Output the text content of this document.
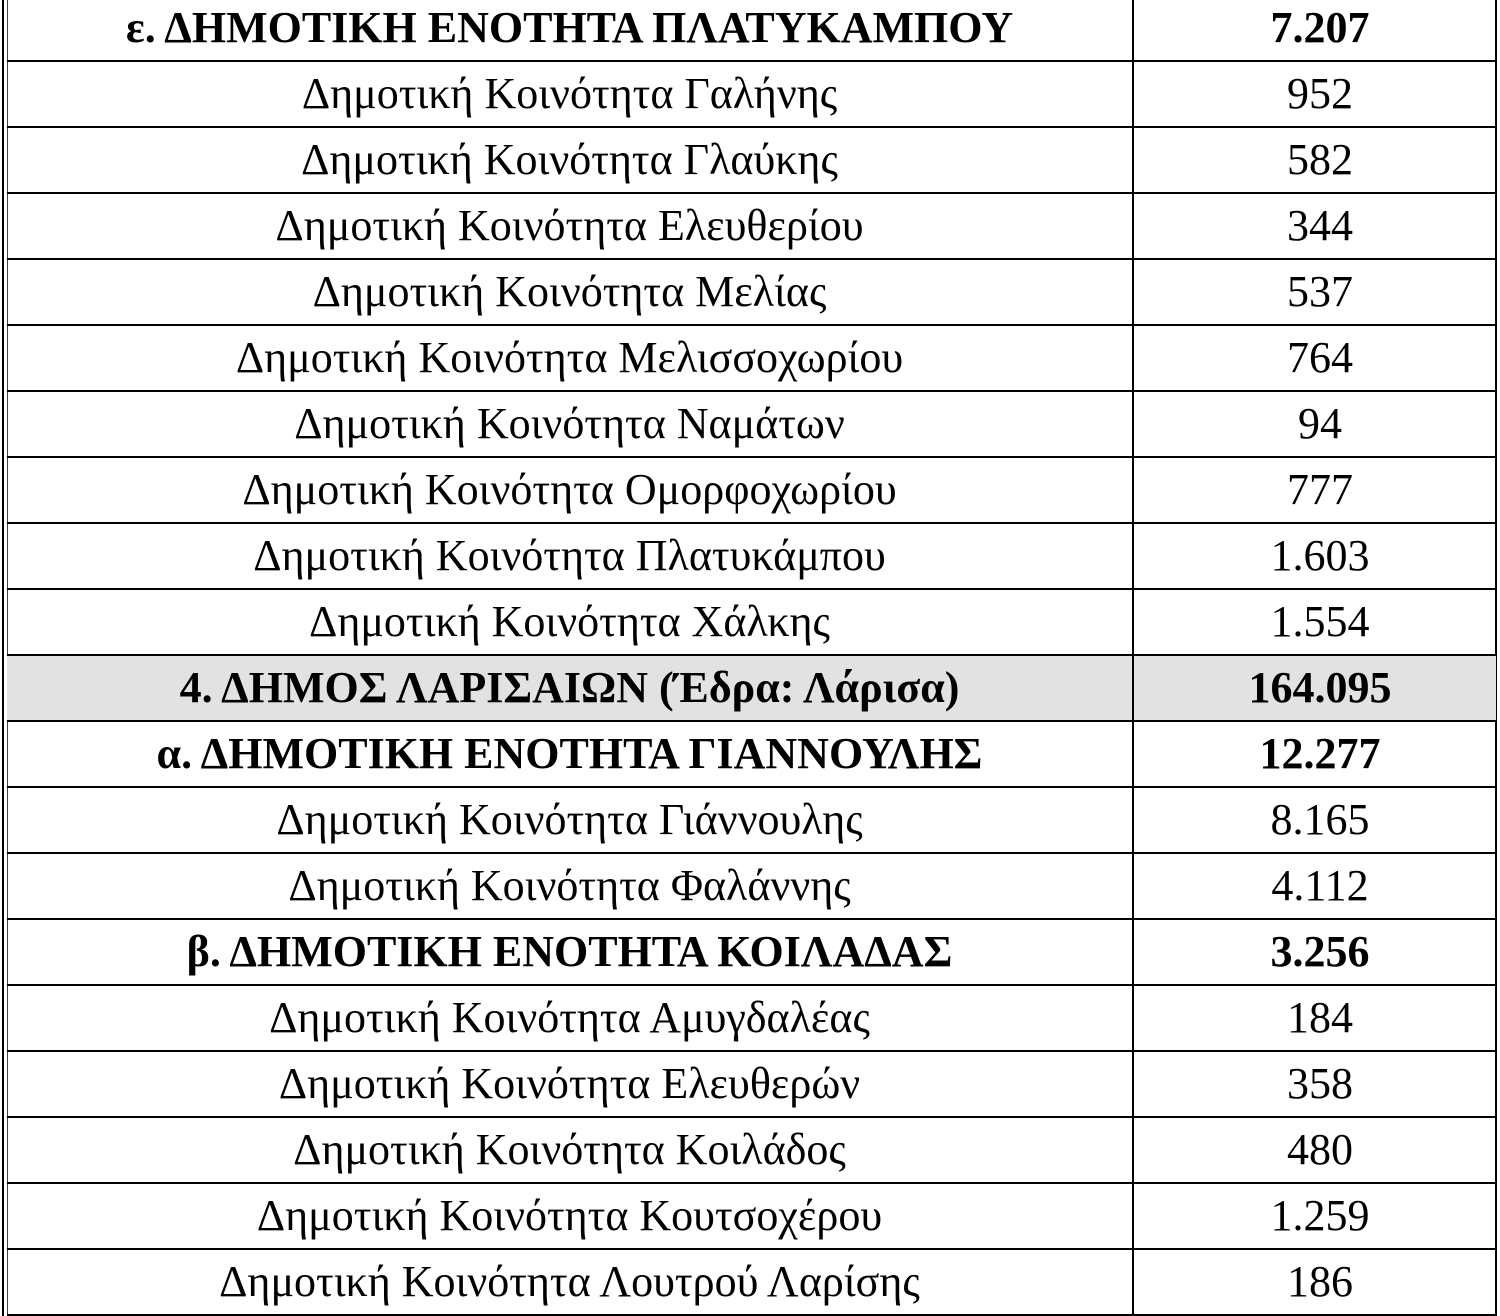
ε. ΔΗΜΟΤΙΚΗ ΕΝΟΤΗΤΑ ΠΛΑΤΥΚΑΜΠΟΥ	7.207
Δημοτική Κοινότητα Γαλήνης	952
Δημοτική Κοινότητα Γλαύκης	582
Δημοτική Κοινότητα Ελευθερίου	344
Δημοτική Κοινότητα Μελίας	537
Δημοτική Κοινότητα Μελισσοχωρίου	764
Δημοτική Κοινότητα Ναμάτων	94
Δημοτική Κοινότητα Ομορφοχωρίου	777
Δημοτική Κοινότητα Πλατυκάμπου	1.603
Δημοτική Κοινότητα Χάλκης	1.554
4. ΔΗΜΟΣ ΛΑΡΙΣΑΙΩΝ (Έδρα: Λάρισα)	164.095
α. ΔΗΜΟΤΙΚΗ ΕΝΟΤΗΤΑ ΓΙΑΝΝΟΥΛΗΣ	12.277
Δημοτική Κοινότητα Γιάννουλης	8.165
Δημοτική Κοινότητα Φαλάννης	4.112
β. ΔΗΜΟΤΙΚΗ ΕΝΟΤΗΤΑ ΚΟΙΛΑΔΑΣ	3.256
Δημοτική Κοινότητα Αμυγδαλέας	184
Δημοτική Κοινότητα Ελευθερών	358
Δημοτική Κοινότητα Κοιλάδος	480
Δημοτική Κοινότητα Κουτσοχέρου	1.259
Δημοτική Κοινότητα Λουτρού Λαρίσης	186
